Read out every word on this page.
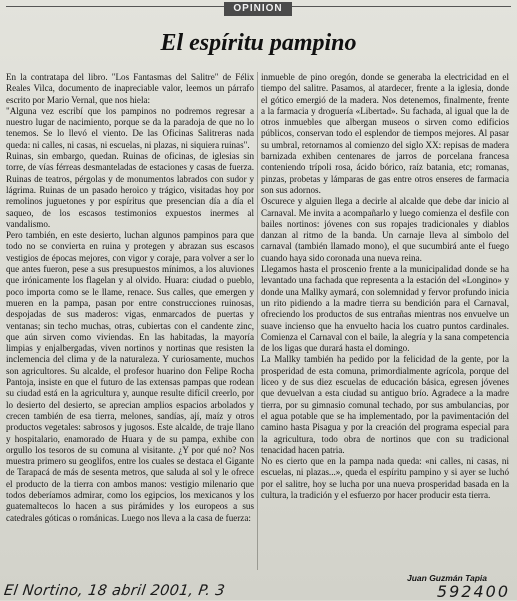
OPINION
El espíritu pampino

En la contratapa del libro. "Los Fantasmas del Salitre" de Félix Reales Vilca, documento de inapreciable valor, leemos un párrafo escrito por Mario Vernal, que nos hiela:

"Alguna vez escribí que los pampinos no podremos regresar a nuestro lugar de nacimiento, porque se da la paradoja de que no lo tenemos. Se lo llevó el viento. De las Oficinas Salitreras nada queda: ni calles, ni casas, ni escuelas, ni plazas, ni siquiera ruinas".

Ruinas, sin embargo, quedan. Ruinas de oficinas, de iglesias sin torre, de vías férreas desmanteladas de estaciones y casas de fuerza. Ruinas de teatros, pérgolas y de monumentos labrados con sudor y lágrima. Ruinas de un pasado heroico y trágico, visitadas hoy por remolinos juguetones y por espíritus que presencian día a día el saqueo, de los escasos testimonios expuestos inermes al vandalismo.

Pero también, en este desierto, luchan algunos pampinos para que todo no se convierta en ruina y protegen y abrazan sus escasos vestigios de épocas mejores, con vigor y coraje, para volver a ser lo que antes fueron, pese a sus presupuestos mínimos, a los aluviones que irónicamente los flagelan y al olvido. Huara: ciudad o pueblo, poco importa como se le llame, renace. Sus calles, que emergen y mueren en la pampa, pasan por entre construcciones ruinosas, despojadas de sus maderos: vigas, enmarcados de puertas y ventanas; sin techo muchas, otras, cubiertas con el candente zinc, que aún sirven como viviendas. En las habitadas, la mayoría limpias y enjalbergadas, viven nortinos y nortinas que resisten la inclemencia del clima y de la naturaleza. Y curiosamente, muchos son agricultores. Su alcalde, el profesor huarino don Felipe Rocha Pantoja, insiste en que el futuro de las extensas pampas que rodean su ciudad está en la agricultura y, aunque resulte difícil creerlo, por lo desierto del desierto, se aprecian amplios espacios arbolados y crecen también de esa tierra, melones, sandías, ají, maíz y otros productos vegetales: sabrosos y jugosos. Este alcalde, de traje llano y hospitalario, enamorado de Huara y de su pampa, exhibe con orgullo los tesoros de su comuna al visitante. ¿Y por qué no? Nos muestra primero su geoglifos, entre los cuales se destaca el Gigante de Tarapacá de más de sesenta metros, que saluda al sol y le ofrece el producto de la tierra con ambos manos: vestigio milenario que todos deberíamos admirar, como los egipcios, los mexicanos y los guatemaltecos lo hacen a sus pirámides y los europeos a sus catedrales góticas o románicas. Luego nos lleva a la casa de fuerza:

inmueble de pino oregón, donde se generaba la electricidad en el tiempo del salitre. Pasamos, al atardecer, frente a la iglesia, donde el gótico emergió de la madera. Nos detenemos, finalmente, frente a la farmacia y droguería «Libertad». Su fachada, al igual que la de otros inmuebles que albergan museos o sirven como edificios públicos, conservan todo el esplendor de tiempos mejores. Al pasar su umbral, retornamos al comienzo del siglo XX: repisas de madera barnizada exhiben centenares de jarros de porcelana francesa conteniendo trípoli rosa, ácido bórico, raíz batania, etc; romanas, pinzas, probetas y lámparas de gas entre otros enseres de farmacia son sus adornos.

Oscurece y alguien llega a decirle al alcalde que debe dar inicio al Carnaval. Me invita a acompañarlo y luego comienza el desfile con bailes nortinos: jóvenes con sus ropajes tradicionales y diablos danzan al ritmo de la banda. Un carnaje lleva al símbolo del carnaval (también llamado mono), el que sucumbirá ante el fuego cuando haya sido coronada una nueva reina.

Llegamos hasta el proscenio frente a la municipalidad donde se ha levantado una fachada que representa a la estación del «Longino» y donde una Mallky aymará, con solemnidad y fervor profundo inicia un rito pidiendo a la madre tierra su bendición para el Carnaval, ofreciendo los productos de sus entrañas mientras nos envuelve un suave incienso que ha envuelto hacia los cuatro puntos cardinales. Comienza el Carnaval con el baile, la alegría y la sana competencia de los ligas que durará hasta el domingo.

La Mallky también ha pedido por la felicidad de la gente, por la prosperidad de esta comuna, primordialmente agrícola, porque del liceo y de sus diez escuelas de educación básica, egresen jóvenes que devuelvan a esta ciudad su antiguo brío. Agradece a la madre tierra, por su gimnasio comunal techado, por sus ambulancias, por el agua potable que se ha implementado, por la pavimentación del camino hasta Pisagua y por la creación del programa especial para la agricultura, todo obra de nortinos que con su tradicional tenacidad hacen patria.

No es cierto que en la pampa nada queda: «ni calles, ni casas, ni escuelas, ni plazas...», queda el espíritu pampino y si ayer se luchó por el salitre, hoy se lucha por una nueva prosperidad basada en la cultura, la tradición y el esfuerzo por hacer producir esta tierra.

Juan Guzmán Tapia
El Nortino, 18 abril 2001, P. 3	592400
